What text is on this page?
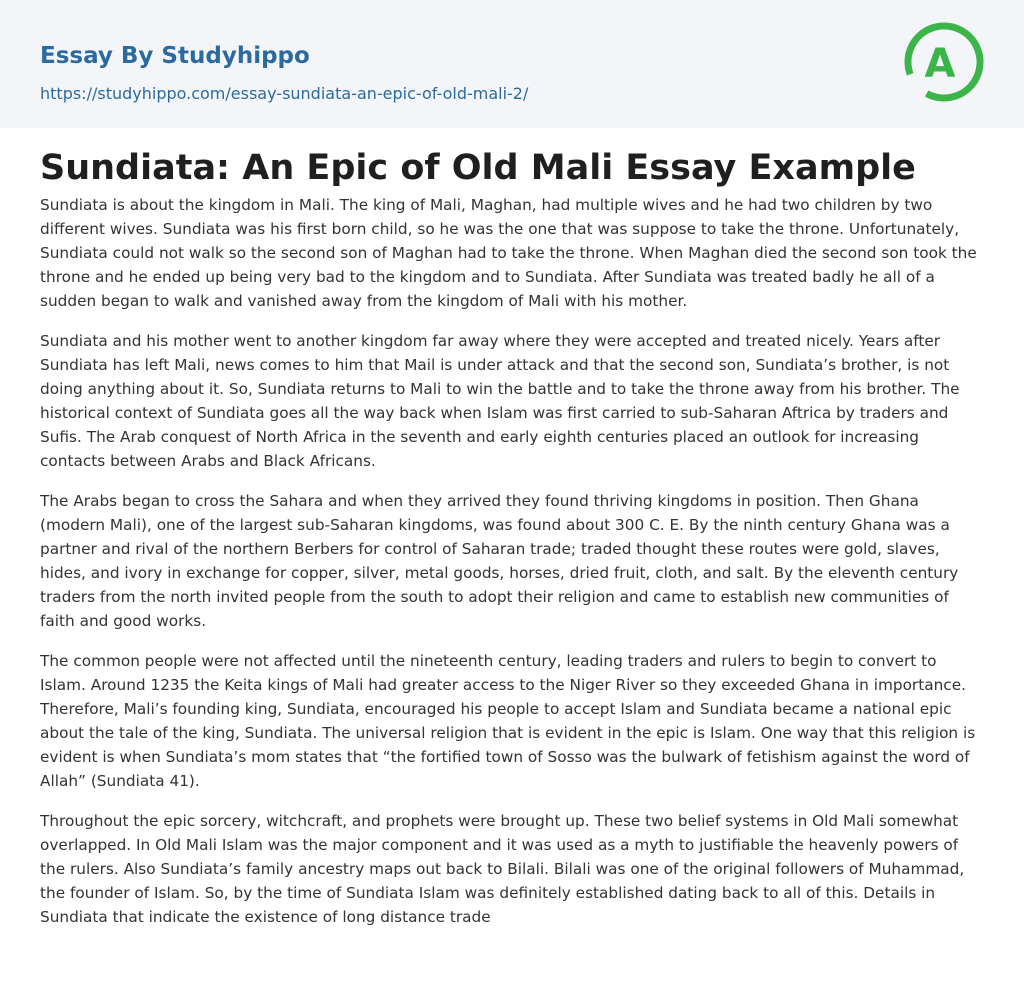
Essay By Studyhippo
https://studyhippo.com/essay-sundiata-an-epic-of-old-mali-2/
A
Sundiata: An Epic of Old Mali Essay Example

Sundiata is about the kingdom in Mali. The king of Mali, Maghan, had multiple wives and he had two children by two different wives. Sundiata was his first born child, so he was the one that was suppose to take the throne. Unfortunately, Sundiata could not walk so the second son of Maghan had to take the throne. When Maghan died the second son took the throne and he ended up being very bad to the kingdom and to Sundiata. After Sundiata was treated badly he all of a sudden began to walk and vanished away from the kingdom of Mali with his mother.

Sundiata and his mother went to another kingdom far away where they were accepted and treated nicely. Years after Sundiata has left Mali, news comes to him that Mail is under attack and that the second son, Sundiata’s brother, is not doing anything about it. So, Sundiata returns to Mali to win the battle and to take the throne away from his brother. The historical context of Sundiata goes all the way back when Islam was first carried to sub-Saharan Aftrica by traders and Sufis. The Arab conquest of North Africa in the seventh and early eighth centuries placed an outlook for increasing contacts between Arabs and Black Africans.

The Arabs began to cross the Sahara and when they arrived they found thriving kingdoms in position. Then Ghana (modern Mali), one of the largest sub-Saharan kingdoms, was found about 300 C. E. By the ninth century Ghana was a partner and rival of the northern Berbers for control of Saharan trade; traded thought these routes were gold, slaves, hides, and ivory in exchange for copper, silver, metal goods, horses, dried fruit, cloth, and salt. By the eleventh century traders from the north invited people from the south to adopt their religion and came to establish new communities of faith and good works.

The common people were not affected until the nineteenth century, leading traders and rulers to begin to convert to Islam. Around 1235 the Keita kings of Mali had greater access to the Niger River so they exceeded Ghana in importance. Therefore, Mali’s founding king, Sundiata, encouraged his people to accept Islam and Sundiata became a national epic about the tale of the king, Sundiata. The universal religion that is evident in the epic is Islam. One way that this religion is evident is when Sundiata’s mom states that “the fortified town of Sosso was the bulwark of fetishism against the word of Allah” (Sundiata 41).

Throughout the epic sorcery, witchcraft, and prophets were brought up. These two belief systems in Old Mali somewhat overlapped. In Old Mali Islam was the major component and it was used as a myth to justifiable the heavenly powers of the rulers. Also Sundiata’s family ancestry maps out back to Bilali. Bilali was one of the original followers of Muhammad, the founder of Islam. So, by the time of Sundiata Islam was definitely established dating back to all of this. Details in Sundiata that indicate the existence of long distance trade
